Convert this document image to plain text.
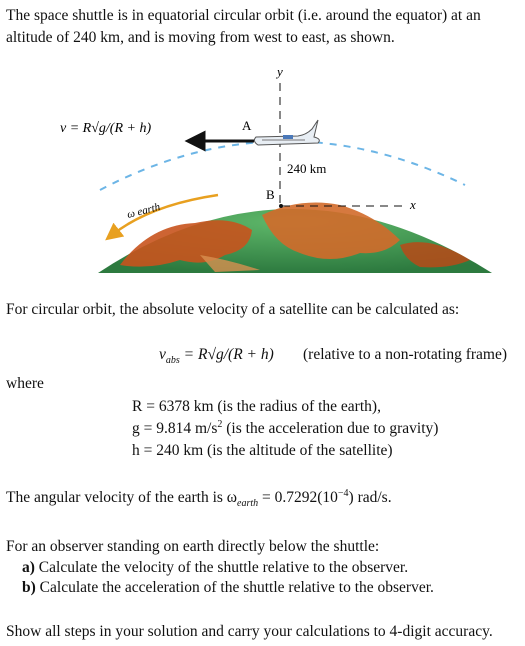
The space shuttle is in equatorial circular orbit (i.e. around the equator) at an
altitude of 240 km, and is moving from west to east, as shown.
y
x
B
240 km
A
v = R√g/(R + h)
ω earth
For circular orbit, the absolute velocity of a satellite can be calculated as:
$v_{abs} = R√g/(R + h)$ (relative to a non-rotating frame)
where
R = 6378 km (is the radius of the earth),
g = 9.814 $m/s^2$ (is the acceleration due to gravity)
h = 240 km (is the altitude of the satellite)
The angular velocity of the earth is $\omega_{earth} = 0.7292(10^{-4})$ rad/s.
For an observer standing on earth directly below the shuttle:
a) Calculate the velocity of the shuttle relative to the observer.
b) Calculate the acceleration of the shuttle relative to the observer.
Show all steps in your solution and carry your calculations to 4-digit accuracy.
